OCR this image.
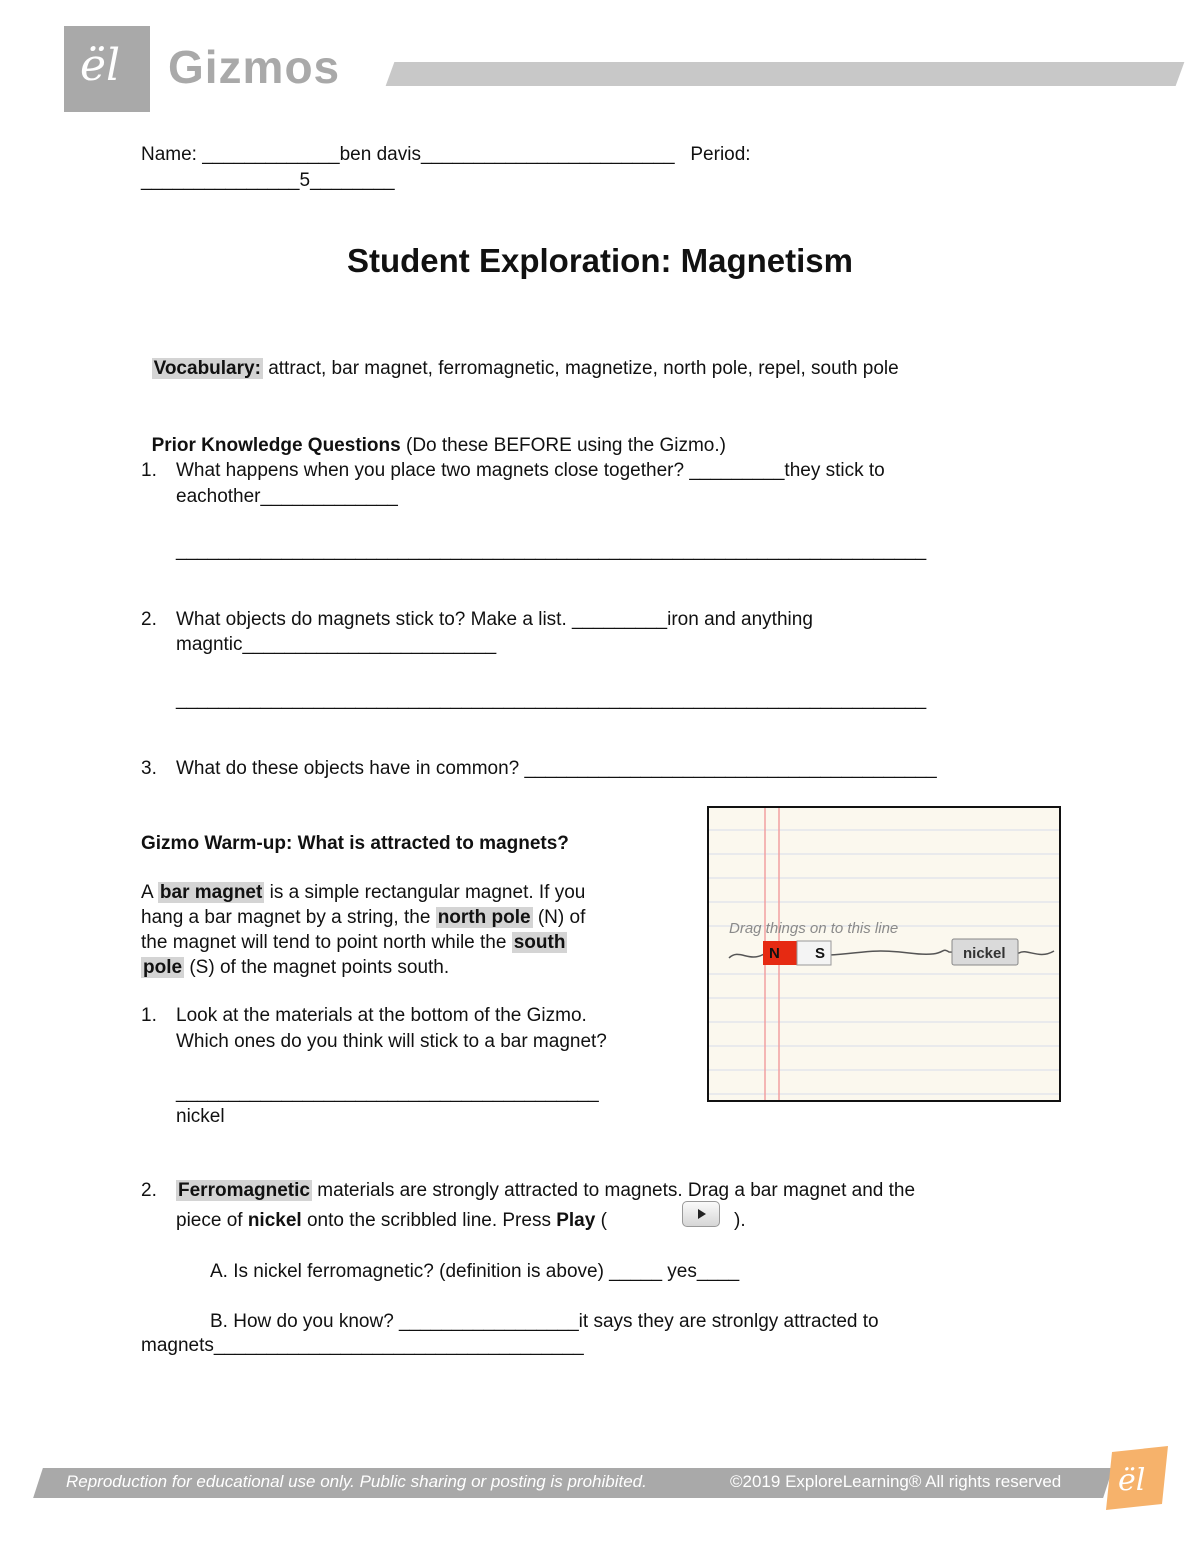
ël Gizmos
Name: _____________ben davis________________________   Period:
_______________5________
Student Exploration: Magnetism

Vocabulary: attract, bar magnet, ferromagnetic, magnetize, north pole, repel, south pole

Prior Knowledge Questions (Do these BEFORE using the Gizmo.)

1. What happens when you place two magnets close together? _________they stick to
eachother_____________
_______________________________________________________________________
2. What objects do magnets stick to? Make a list. _________iron and anything
magntic________________________
_______________________________________________________________________
3. What do these objects have in common? _______________________________________
Gizmo Warm-up: What is attracted to magnets?
A bar magnet is a simple rectangular magnet. If you
hang a bar magnet by a string, the north pole (N) of
the magnet will tend to point north while the south
pole (S) of the magnet points south.
1. Look at the materials at the bottom of the Gizmo.
Which ones do you think will stick to a bar magnet?
________________________________________
nickel
2. Ferromagnetic materials are strongly attracted to magnets. Drag a bar magnet and the
piece of nickel onto the scribbled line. Press Play (	).
A. Is nickel ferromagnetic? (definition is above) _____ yes____
B. How do you know? _________________it says they are stronlgy attracted to
magnets___________________________________
Drag things on to this line
N S	nickel
Reproduction for educational use only. Public sharing or posting is prohibited.	©2019 ExploreLearning® All rights reserved ël
